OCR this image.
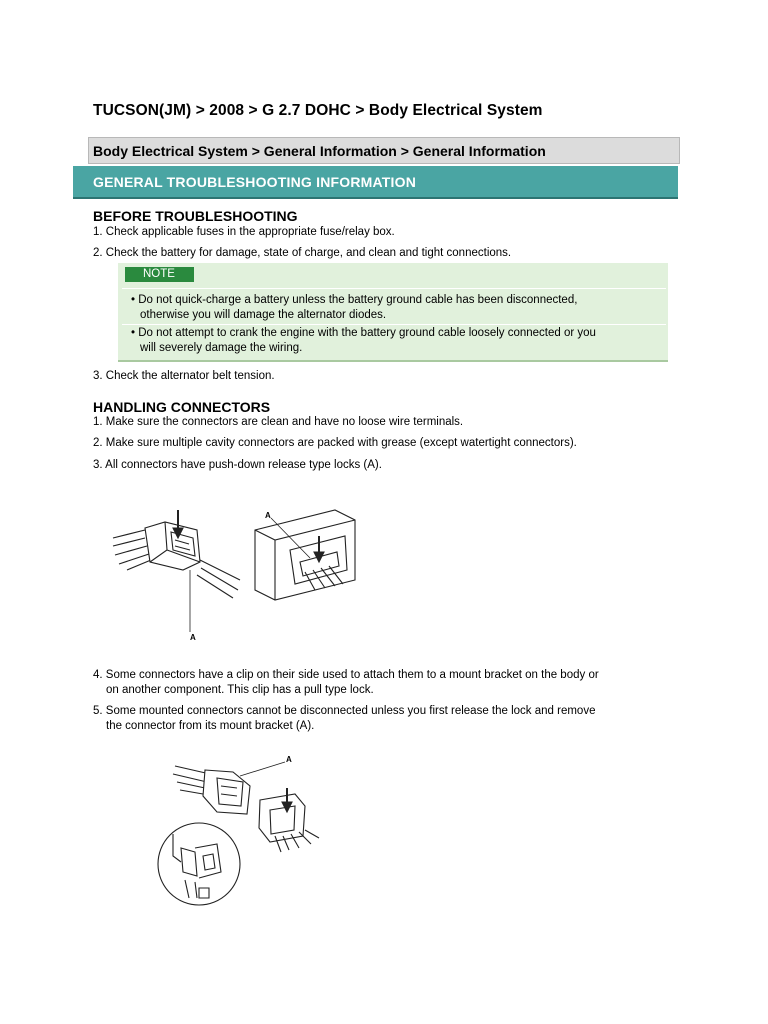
TUCSON(JM) > 2008 > G 2.7 DOHC > Body Electrical System
Body Electrical System > General Information > General Information
GENERAL TROUBLESHOOTING INFORMATION
BEFORE TROUBLESHOOTING
1. Check applicable fuses in the appropriate fuse/relay box.
2. Check the battery for damage, state of charge, and clean and tight connections.
NOTE
• Do not quick-charge a battery unless the battery ground cable has been disconnected,
otherwise you will damage the alternator diodes.
• Do not attempt to crank the engine with the battery ground cable loosely connected or you
will severely damage the wiring.
3. Check the alternator belt tension.
HANDLING CONNECTORS
1. Make sure the connectors are clean and have no loose wire terminals.
2. Make sure multiple cavity connectors are packed with grease (except watertight connectors).
3. All connectors have push-down release type locks (A).
A
A
4. Some connectors have a clip on their side used to attach them to a mount bracket on the body or
on another component. This clip has a pull type lock.
5. Some mounted connectors cannot be disconnected unless you first release the lock and remove
the connector from its mount bracket (A).
A
